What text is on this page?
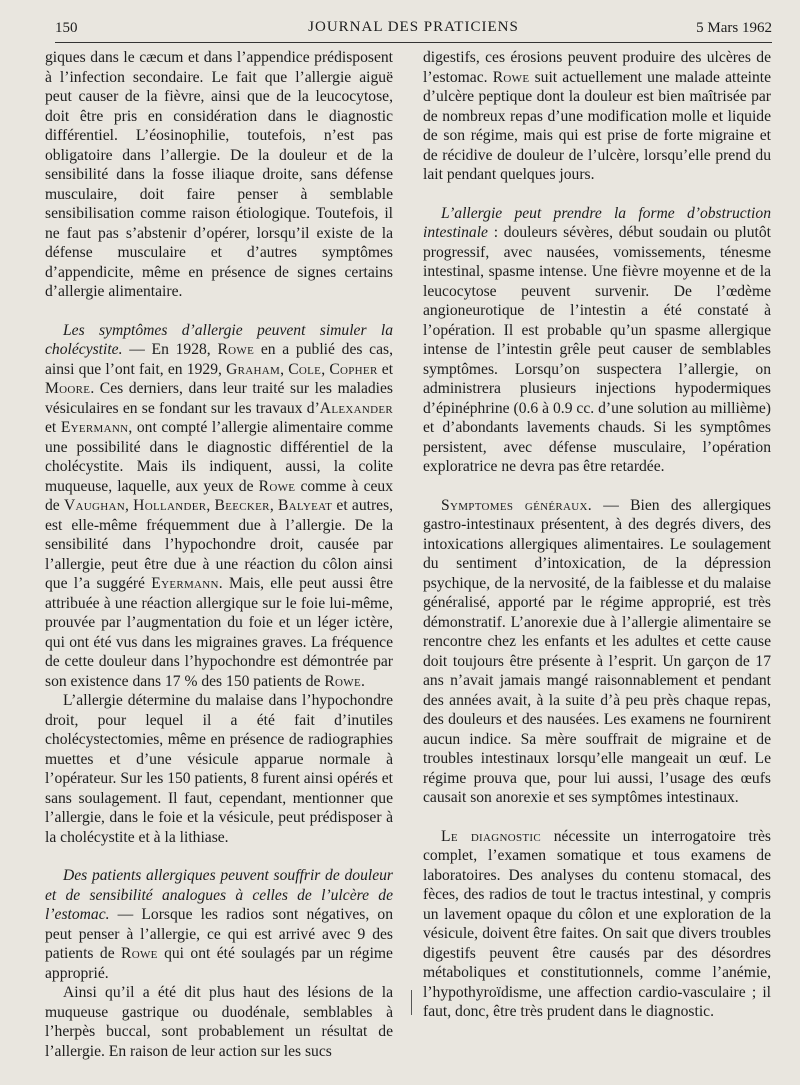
150	JOURNAL DES PRATICIENS	5 Mars 1962

giques dans le cæcum et dans l’appendice prédisposent à l’infection secondaire. Le fait que l’allergie aiguë peut causer de la fièvre, ainsi que de la leucocytose, doit être pris en considération dans le diagnostic différentiel. L’éosinophilie, toutefois, n’est pas obligatoire dans l’allergie. De la douleur et de la sensibilité dans la fosse iliaque droite, sans défense musculaire, doit faire penser à semblable sensibilisation comme raison étiologique. Toutefois, il ne faut pas s’abstenir d’opérer, lorsqu’il existe de la défense musculaire et d’autres symptômes d’appendicite, même en présence de signes certains d’allergie alimentaire.

Les symptômes d’allergie peuvent simuler la cholécystite. — En 1928, Rowe en a publié des cas, ainsi que l’ont fait, en 1929, Graham, Cole, Copher et Moore. Ces derniers, dans leur traité sur les maladies vésiculaires en se fondant sur les travaux d’Alexander et Eyermann, ont compté l’allergie alimentaire comme une possibilité dans le diagnostic différentiel de la cholécystite. Mais ils indiquent, aussi, la colite muqueuse, laquelle, aux yeux de Rowe comme à ceux de Vaughan, Hollander, Beecker, Balyeat et autres, est elle-même fréquemment due à l’allergie. De la sensibilité dans l’hypochondre droit, causée par l’allergie, peut être due à une réaction du côlon ainsi que l’a suggéré Eyermann. Mais, elle peut aussi être attribuée à une réaction allergique sur le foie lui-même, prouvée par l’augmentation du foie et un léger ictère, qui ont été vus dans les migraines graves. La fréquence de cette douleur dans l’hypochondre est démontrée par son existence dans 17 % des 150 patients de Rowe.

L’allergie détermine du malaise dans l’hypochondre droit, pour lequel il a été fait d’inutiles cholécystectomies, même en présence de radiographies muettes et d’une vésicule apparue normale à l’opérateur. Sur les 150 patients, 8 furent ainsi opérés et sans soulagement. Il faut, cependant, mentionner que l’allergie, dans le foie et la vésicule, peut prédisposer à la cholécystite et à la lithiase.

Des patients allergiques peuvent souffrir de douleur et de sensibilité analogues à celles de l’ulcère de l’estomac. — Lorsque les radios sont négatives, on peut penser à l’allergie, ce qui est arrivé avec 9 des patients de Rowe qui ont été soulagés par un régime approprié.

Ainsi qu’il a été dit plus haut des lésions de la muqueuse gastrique ou duodénale, semblables à l’herpès buccal, sont probablement un résultat de l’allergie. En raison de leur action sur les sucs

digestifs, ces érosions peuvent produire des ulcères de l’estomac. Rowe suit actuellement une malade atteinte d’ulcère peptique dont la douleur est bien maîtrisée par de nombreux repas d’une modification molle et liquide de son régime, mais qui est prise de forte migraine et de récidive de douleur de l’ulcère, lorsqu’elle prend du lait pendant quelques jours.

L’allergie peut prendre la forme d’obstruction intestinale : douleurs sévères, début soudain ou plutôt progressif, avec nausées, vomissements, ténesme intestinal, spasme intense. Une fièvre moyenne et de la leucocytose peuvent survenir. De l’œdème angioneurotique de l’intestin a été constaté à l’opération. Il est probable qu’un spasme allergique intense de l’intestin grêle peut causer de semblables symptômes. Lorsqu’on suspectera l’allergie, on administrera plusieurs injections hypodermiques d’épinéphrine (0.6 à 0.9 cc. d’une solution au millième) et d’abondants lavements chauds. Si les symptômes persistent, avec défense musculaire, l’opération exploratrice ne devra pas être retardée.

Symptomes généraux. — Bien des allergiques gastro-intestinaux présentent, à des degrés divers, des intoxications allergiques alimentaires. Le soulagement du sentiment d’intoxication, de la dépression psychique, de la nervosité, de la faiblesse et du malaise généralisé, apporté par le régime approprié, est très démonstratif. L’anorexie due à l’allergie alimentaire se rencontre chez les enfants et les adultes et cette cause doit toujours être présente à l’esprit. Un garçon de 17 ans n’avait jamais mangé raisonnablement et pendant des années avait, à la suite d’à peu près chaque repas, des douleurs et des nausées. Les examens ne fournirent aucun indice. Sa mère souffrait de migraine et de troubles intestinaux lorsqu’elle mangeait un œuf. Le régime prouva que, pour lui aussi, l’usage des œufs causait son anorexie et ses symptômes intestinaux.

Le diagnostic nécessite un interrogatoire très complet, l’examen somatique et tous examens de laboratoires. Des analyses du contenu stomacal, des fèces, des radios de tout le tractus intestinal, y compris un lavement opaque du côlon et une exploration de la vésicule, doivent être faites. On sait que divers troubles digestifs peuvent être causés par des désordres métaboliques et constitutionnels, comme l’anémie, l’hypothyroïdisme, une affection cardio-vasculaire ; il faut, donc, être très prudent dans le diagnostic.
